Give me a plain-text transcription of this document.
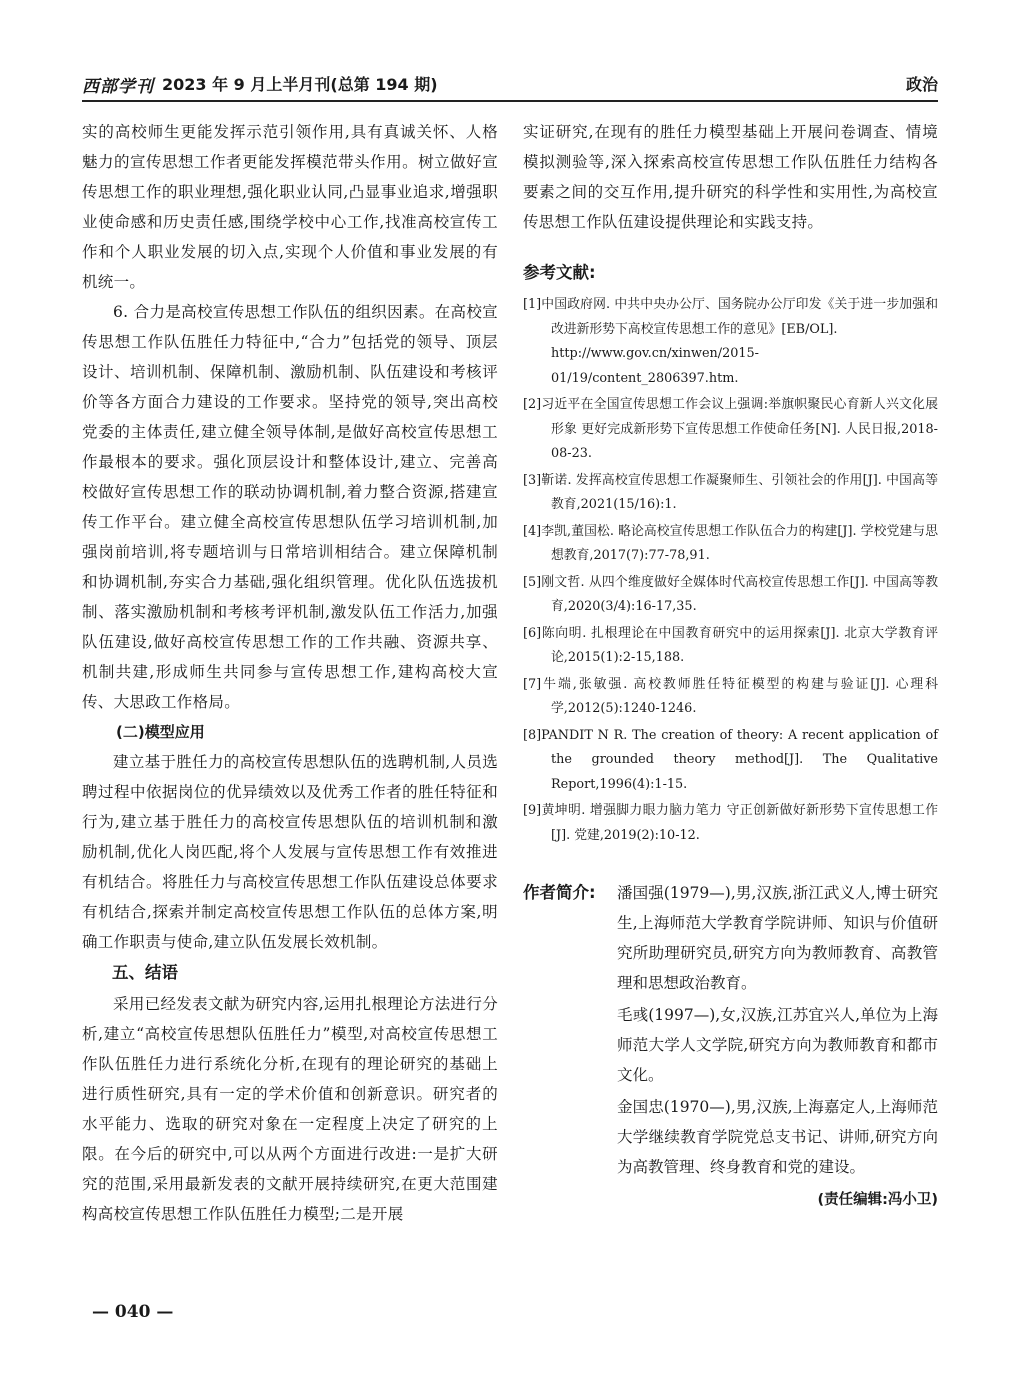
西部学刊 2023 年 9 月上半月刊(总第 194 期)	政治

实的高校师生更能发挥示范引领作用,具有真诚关怀、人格魅力的宣传思想工作者更能发挥模范带头作用。树立做好宣传思想工作的职业理想,强化职业认同,凸显事业追求,增强职业使命感和历史责任感,围绕学校中心工作,找准高校宣传工作和个人职业发展的切入点,实现个人价值和事业发展的有机统一。

6. 合力是高校宣传思想工作队伍的组织因素。在高校宣传思想工作队伍胜任力特征中,“合力”包括党的领导、顶层设计、培训机制、保障机制、激励机制、队伍建设和考核评价等各方面合力建设的工作要求。坚持党的领导,突出高校党委的主体责任,建立健全领导体制,是做好高校宣传思想工作最根本的要求。强化顶层设计和整体设计,建立、完善高校做好宣传思想工作的联动协调机制,着力整合资源,搭建宣传工作平台。建立健全高校宣传思想队伍学习培训机制,加强岗前培训,将专题培训与日常培训相结合。建立保障机制和协调机制,夯实合力基础,强化组织管理。优化队伍选拔机制、落实激励机制和考核考评机制,激发队伍工作活力,加强队伍建设,做好高校宣传思想工作的工作共融、资源共享、机制共建,形成师生共同参与宣传思想工作,建构高校大宣传、大思政工作格局。

(二)模型应用

建立基于胜任力的高校宣传思想队伍的选聘机制,人员选聘过程中依据岗位的优异绩效以及优秀工作者的胜任特征和行为,建立基于胜任力的高校宣传思想队伍的培训机制和激励机制,优化人岗匹配,将个人发展与宣传思想工作有效推进有机结合。将胜任力与高校宣传思想工作队伍建设总体要求有机结合,探索并制定高校宣传思想工作队伍的总体方案,明确工作职责与使命,建立队伍发展长效机制。

五、结语

采用已经发表文献为研究内容,运用扎根理论方法进行分析,建立“高校宣传思想队伍胜任力”模型,对高校宣传思想工作队伍胜任力进行系统化分析,在现有的理论研究的基础上进行质性研究,具有一定的学术价值和创新意识。研究者的水平能力、选取的研究对象在一定程度上决定了研究的上限。在今后的研究中,可以从两个方面进行改进:一是扩大研究的范围,采用最新发表的文献开展持续研究,在更大范围建构高校宣传思想工作队伍胜任力模型;二是开展

实证研究,在现有的胜任力模型基础上开展问卷调查、情境模拟测验等,深入探索高校宣传思想工作队伍胜任力结构各要素之间的交互作用,提升研究的科学性和实用性,为高校宣传思想工作队伍建设提供理论和实践支持。

参考文献:
[1]中国政府网. 中共中央办公厅、国务院办公厅印发《关于进一步加强和改进新形势下高校宣传思想工作的意见》[EB/OL].
http://www.gov.cn/xinwen/2015-01/19/content_2806397.htm.
[2]习近平在全国宣传思想工作会议上强调:举旗帜聚民心育新人兴文化展形象 更好完成新形势下宣传思想工作使命任务[N]. 人民日报,2018-08-23.
[3]靳诺. 发挥高校宣传思想工作凝聚师生、引领社会的作用[J]. 中国高等教育,2021(15/16):1.
[4]李凯,董国松. 略论高校宣传思想工作队伍合力的构建[J]. 学校党建与思想教育,2017(7):77-78,91.
[5]刚文哲. 从四个维度做好全媒体时代高校宣传思想工作[J]. 中国高等教育,2020(3/4):16-17,35.
[6]陈向明. 扎根理论在中国教育研究中的运用探索[J]. 北京大学教育评论,2015(1):2-15,188.
[7]牛端,张敏强. 高校教师胜任特征模型的构建与验证[J]. 心理科学,2012(5):1240-1246.
[8]PANDIT N R. The creation of theory: A recent application of the grounded theory method[J]. The Qualitative Report,1996(4):1-15.
[9]黄坤明. 增强脚力眼力脑力笔力 守正创新做好新形势下宣传思想工作[J]. 党建,2019(2):10-12.
作者简介: 潘国强(1979—),男,汉族,浙江武义人,博士研究生,上海师范大学教育学院讲师、知识与价值研究所助理研究员,研究方向为教师教育、高教管理和思想政治教育。

毛彧(1997—),女,汉族,江苏宜兴人,单位为上海师范大学人文学院,研究方向为教师教育和都市文化。

金国忠(1970—),男,汉族,上海嘉定人,上海师范大学继续教育学院党总支书记、讲师,研究方向为高教管理、终身教育和党的建设。

(责任编辑:冯小卫)
— 040 —
